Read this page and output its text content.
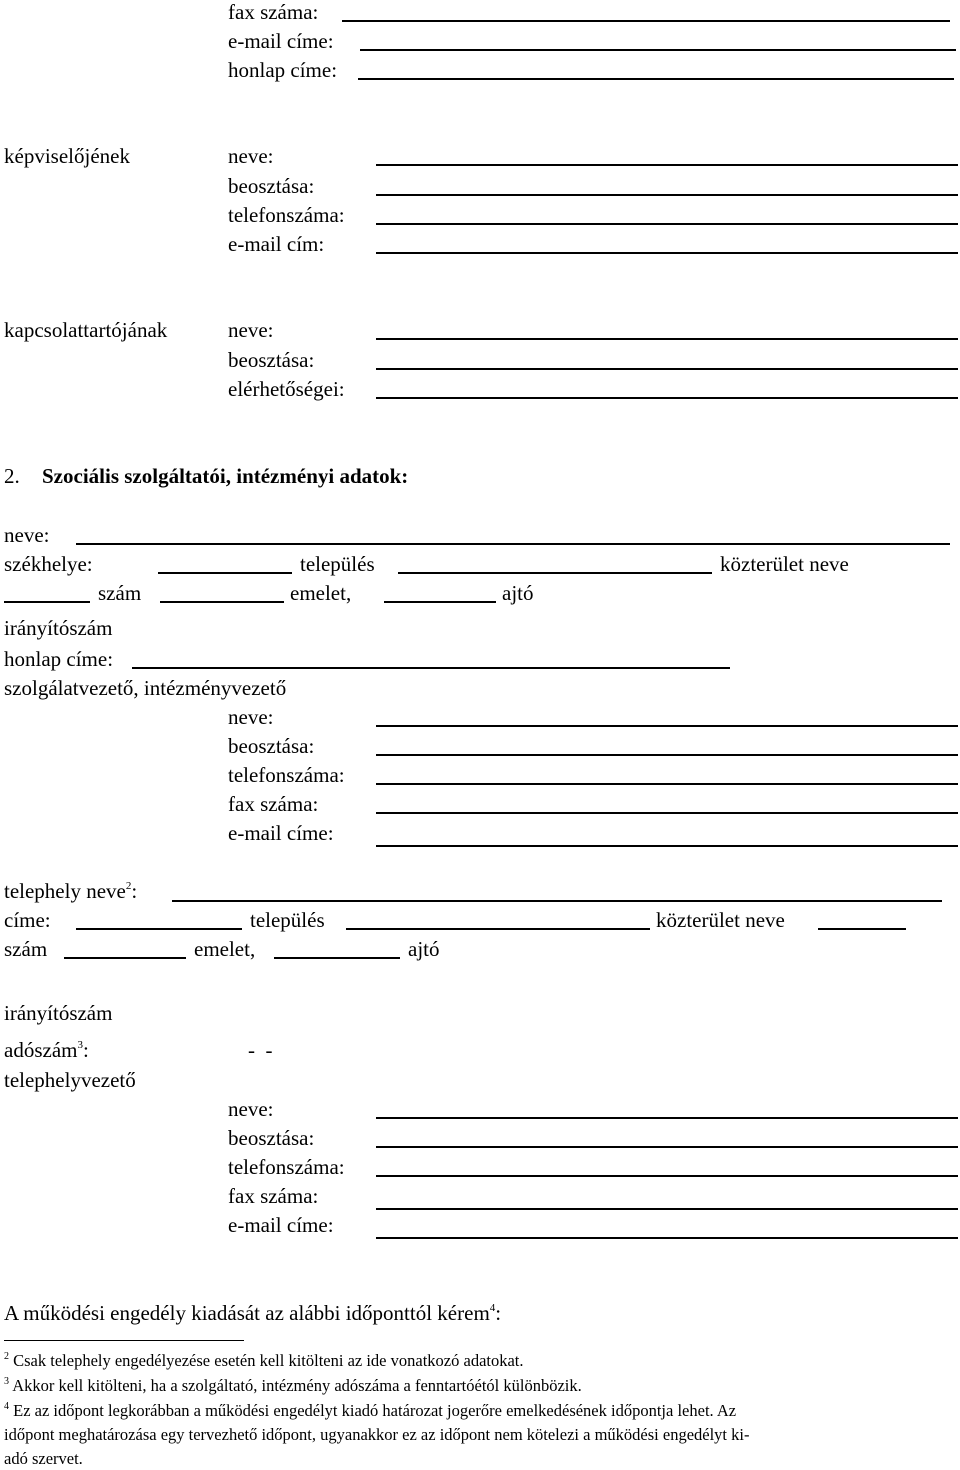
fax száma:
e-mail címe:
honlap címe:
képviselőjének	neve:
beosztása:
telefonszáma:
e-mail cím:
kapcsolattartójának	neve:
beosztása:
elérhetőségei:
2. Szociális szolgáltatói, intézményi adatok:
neve:
székhelye:	település	közterület neve
szám	emelet,	ajtó
irányítószám
honlap címe:
szolgálatvezető, intézményvezető
neve:
beosztása:
telefonszáma:
fax száma:
e-mail címe:
telephely neve$^2$:
címe:	település	közterület neve
szám	emelet,	ajtó
irányítószám
adószám$^3$:	-  -
telephelyvezető
neve:
beosztása:
telefonszáma:
fax száma:
e-mail címe:
A működési engedély kiadását az alábbi időponttól kérem$^4$:
$^2$ Csak telephely engedélyezése esetén kell kitölteni az ide vonatkozó adatokat.
$^3$ Akkor kell kitölteni, ha a szolgáltató, intézmény adószáma a fenntartóétól különbözik.
$^4$ Ez az időpont legkorábban a működési engedélyt kiadó határozat jogerőre emelkedésének időpontja lehet. Az
időpont meghatározása egy tervezhető időpont, ugyanakkor ez az időpont nem kötelezi a működési engedélyt ki-
adó szervet.
